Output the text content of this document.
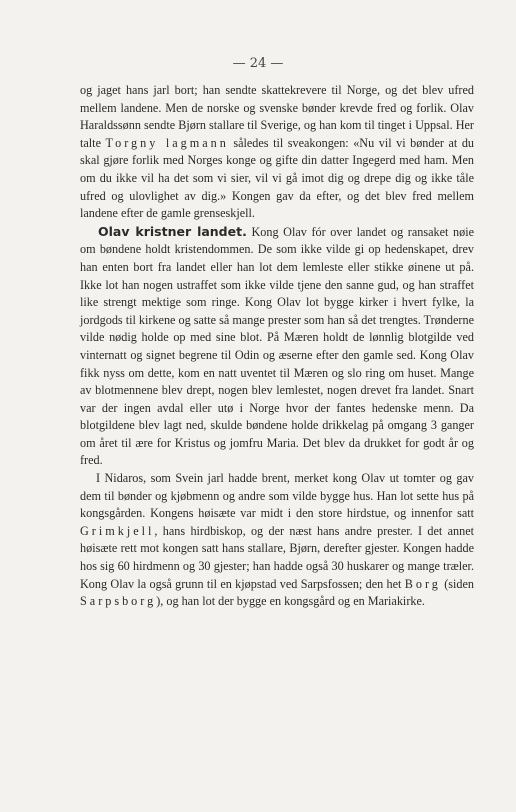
— 24 —

og jaget hans jarl bort; han sendte skattekrevere til Norge, og det blev ufred mellem landene. Men de norske og svenske bønder krevde fred og forlik. Olav Haraldssønn sendte Bjørn stallare til Sverige, og han kom til tinget i Uppsal. Her talte Torgny lagmann således til sveakongen: «Nu vil vi bønder at du skal gjøre forlik med Norges konge og gifte din datter Ingegerd med ham. Men om du ikke vil ha det som vi sier, vil vi gå imot dig og drepe dig og ikke tåle ufred og ulovlighet av dig.» Kongen gav da efter, og det blev fred mellem landene efter de gamle grenseskjell.

Olav kristner landet. Kong Olav fór over landet og ransaket nøie om bøndene holdt kristendommen. De som ikke vilde gi op hedenskapet, drev han enten bort fra landet eller han lot dem lemleste eller stikke øinene ut på. Ikke lot han nogen ustraffet som ikke vilde tjene den sanne gud, og han straffet like strengt mektige som ringe. Kong Olav lot bygge kirker i hvert fylke, la jordgods til kirkene og satte så mange prester som han så det trengtes. Trønderne vilde nødig holde op med sine blot. På Mæren holdt de lønnlig blotgilde ved vinternatt og signet begrene til Odin og æserne efter den gamle sed. Kong Olav fikk nyss om dette, kom en natt uventet til Mæren og slo ring om huset. Mange av blotmennene blev drept, nogen blev lemlestet, nogen drevet fra landet. Snart var der ingen avdal eller utø i Norge hvor der fantes hedenske menn. Da blotgildene blev lagt ned, skulde bøndene holde drikkelag på omgang 3 ganger om året til ære for Kristus og jomfru Maria. Det blev da drukket for godt år og fred.

I Nidaros, som Svein jarl hadde brent, merket kong Olav ut tomter og gav dem til bønder og kjøbmenn og andre som vilde bygge hus. Han lot sette hus på kongsgården. Kongens høisæte var midt i den store hirdstue, og innenfor satt Grimkjell, hans hirdbiskop, og der næst hans andre prester. I det annet høisæte rett mot kongen satt hans stallare, Bjørn, derefter gjester. Kongen hadde hos sig 60 hirdmenn og 30 gjester; han hadde også 30 huskarer og mange træler. Kong Olav la også grunn til en kjøpstad ved Sarpsfossen; den het Borg (siden Sarpsborg), og han lot der bygge en kongsgård og en Mariakirke.
